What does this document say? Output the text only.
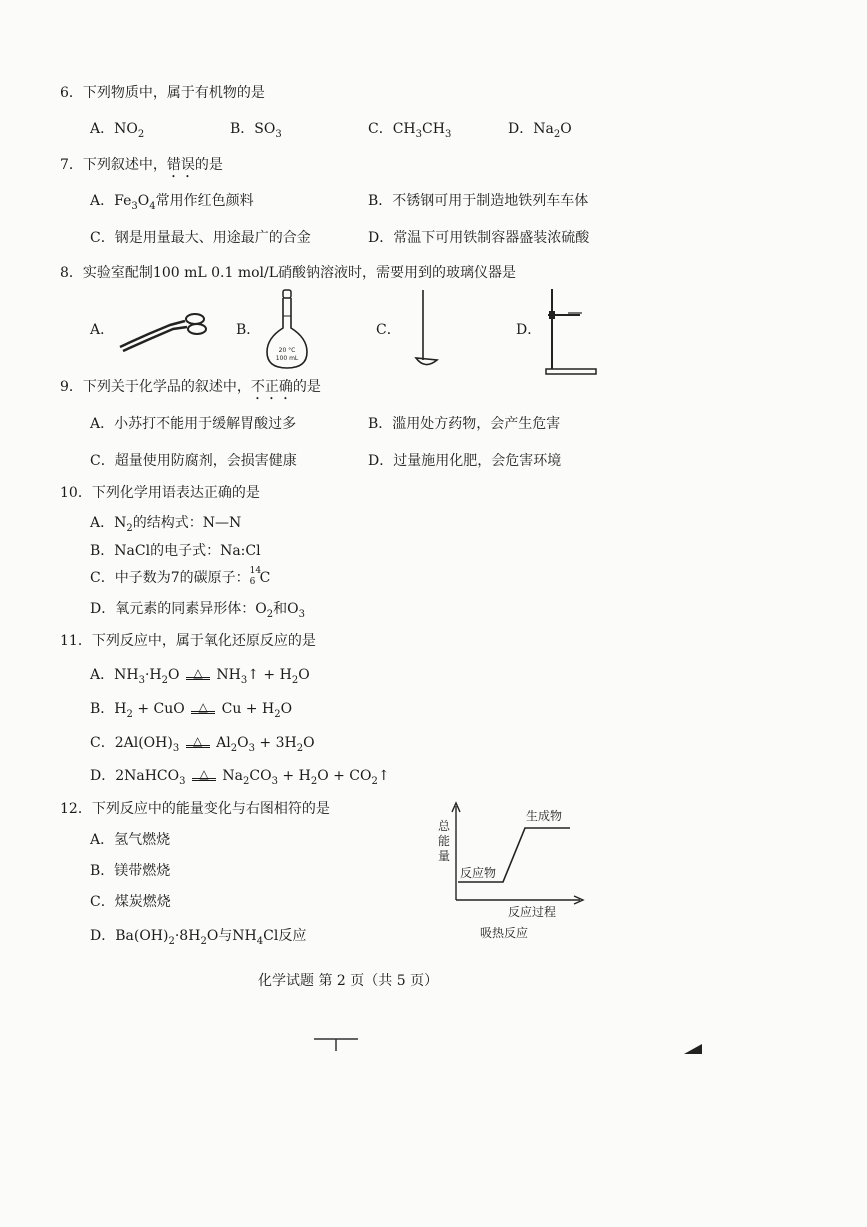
6．下列物质中，属于有机物的是
A．$NO_2$	B．$SO_3$	C．$CH_3CH_3$	D．$Na_2O$
7．下列叙述中，错误的是
A．$Fe_3O_4$常用作红色颜料	B．不锈钢可用于制造地铁列车车体
C．钢是用量最大、用途最广的合金	D．常温下可用铁制容器盛装浓硫酸
8．实验室配制100 mL 0.1 mol/L硝酸钠溶液时，需要用到的玻璃仪器是
A．	B．
20 °C
100 mL
C．	D．
9．下列关于化学品的叙述中，不正确的是
A．小苏打不能用于缓解胃酸过多	B．滥用处方药物，会产生危害
C．超量使用防腐剂，会损害健康	D．过量施用化肥，会危害环境
10．下列化学用语表达正确的是
A．$N_2$的结构式：N—N
B．NaCl的电子式：Na:Cl
C．中子数为7的碳原子： 14
6 C
D．氧元素的同素异形体：$O_2$和$O_3$
11．下列反应中，属于氧化还原反应的是
A．$NH_3\cdot H_2O$ △ $NH_3↑ + H_2O$
B．$H_2$ + CuO △ $Cu + H_2O$
C．$2Al(OH)_3$ △ $Al_2O_3 + 3H_2O$
D．2NaHCO$_3$ △ $Na_2CO_3 + H_2O$ + $CO_2↑$
12．下列反应中的能量变化与右图相符的是
A．氢气燃烧
B．镁带燃烧
C．煤炭燃烧
D．$Ba(OH)_2\cdot 8H_2O$与$NH_4Cl$反应
总
能
量
生成物
反应物
反应过程
吸热反应
化学试题 第 2 页（共 5 页）
